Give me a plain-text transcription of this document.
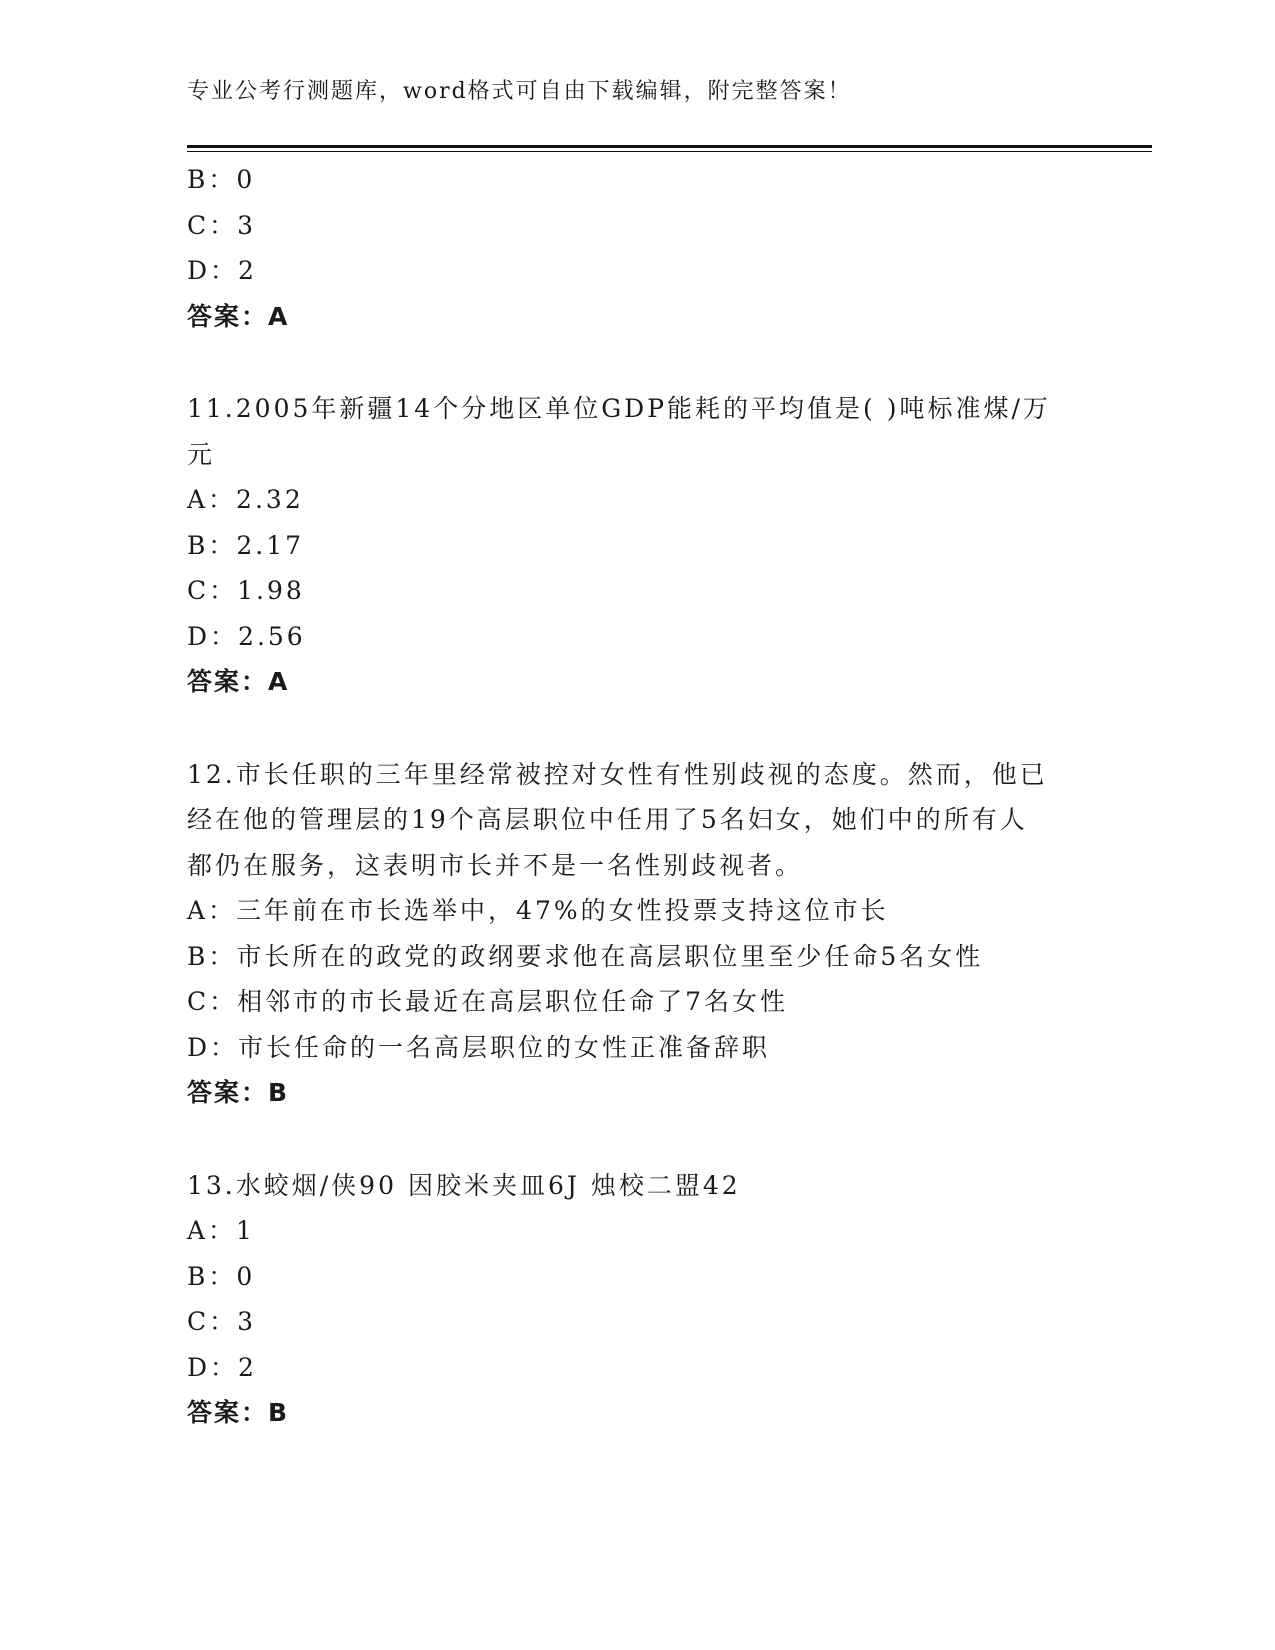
专业公考行测题库，word格式可自由下载编辑，附完整答案！
B：0
C：3
D：2
答案：A
11.2005年新疆14个分地区单位GDP能耗的平均值是( )吨标准煤/万
元
A：2.32
B：2.17
C：1.98
D：2.56
答案：A
12.市长任职的三年里经常被控对女性有性别歧视的态度。然而，他已
经在他的管理层的19个高层职位中任用了5名妇女，她们中的所有人
都仍在服务，这表明市长并不是一名性别歧视者。
A：三年前在市长选举中，47%的女性投票支持这位市长
B：市长所在的政党的政纲要求他在高层职位里至少任命5名女性
C：相邻市的市长最近在高层职位任命了7名女性
D：市长任命的一名高层职位的女性正准备辞职
答案：B
13.水蛟烟/侠90 因胶米夹皿6J 烛校二盟42
A：1
B：0
C：3
D：2
答案：B
